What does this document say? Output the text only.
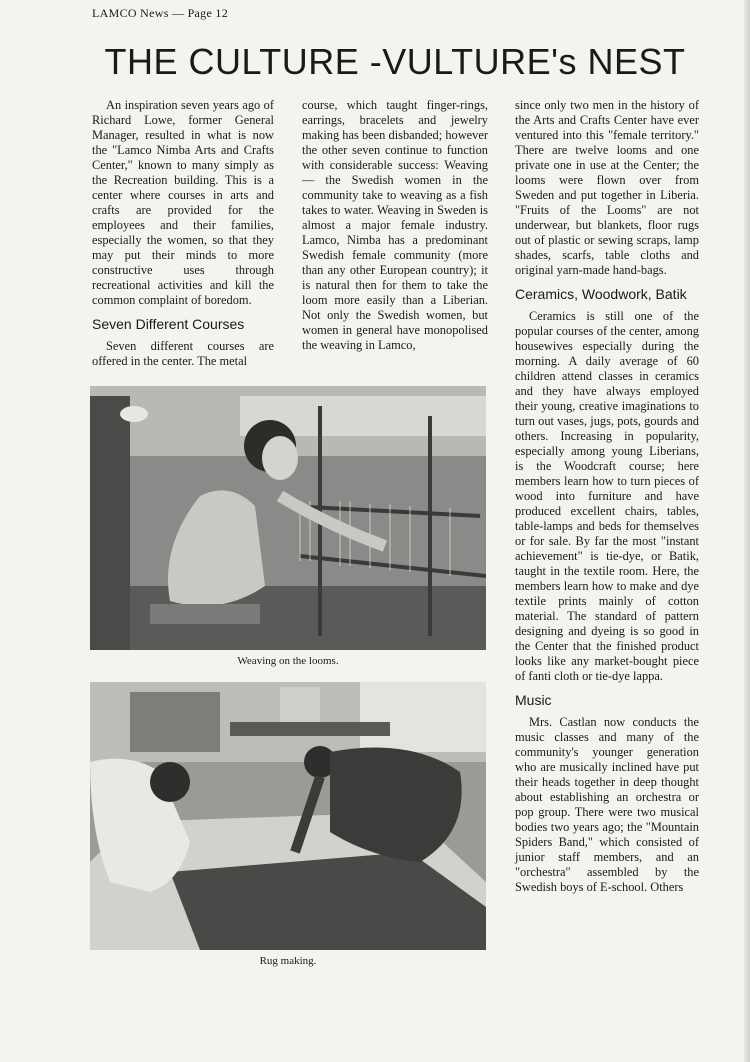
LAMCO News — Page 12
THE CULTURE -VULTURE's NEST

An inspiration seven years ago of Richard Lowe, former General Manager, resulted in what is now the "Lamco Nimba Arts and Crafts Center," known to many simply as the Recreation building. This is a center where courses in arts and crafts are provided for the employees and their families, especially the women, so that they may put their minds to more constructive uses through recreational activities and kill the common complaint of boredom.

Seven Different Courses

Seven different courses are offered in the center. The metal

course, which taught finger-rings, earrings, bracelets and jewelry making has been disbanded; however the other seven continue to function with considerable success: Weaving — the Swedish women in the community take to weaving as a fish takes to water. Weaving in Sweden is almost a major female industry. Lamco, Nimba has a predominant Swedish female community (more than any other European country); it is natural then for them to take the loom more easily than a Liberian. Not only the Swedish women, but women in general have monopolised the weaving in Lamco,

since only two men in the history of the Arts and Crafts Center have ever ventured into this "female territory." There are twelve looms and one private one in use at the Center; the looms were flown over from Sweden and put together in Liberia. "Fruits of the Looms" are not underwear, but blankets, floor rugs out of plastic or sewing scraps, lamp shades, scarfs, table cloths and original yarn-made hand-bags.

Ceramics, Woodwork, Batik

Ceramics is still one of the popular courses of the center, among housewives especially during the morning. A daily average of 60 children attend classes in ceramics and they have always employed their young, creative imaginations to turn out vases, jugs, pots, gourds and others. Increasing in popularity, especially among young Liberians, is the Woodcraft course; here members learn how to turn pieces of wood into furniture and have produced excellent chairs, tables, table-lamps and beds for themselves or for sale. By far the most "instant achievement" is tie-dye, or Batik, taught in the textile room. Here, the members learn how to make and dye textile prints mainly of cotton material. The standard of pattern designing and dyeing is so good in the Center that the finished product looks like any market-bought piece of fanti cloth or tie-dye lappa.

Music

Mrs. Castlan now conducts the music classes and many of the community's younger generation who are musically inclined have put their heads together in deep thought about establishing an orchestra or pop group. There were two musical bodies two years ago; the "Mountain Spiders Band," which consisted of junior staff members, and an "orchestra" assembled by the Swedish boys of E-school. Others

Weaving on the looms.
Rug making.
